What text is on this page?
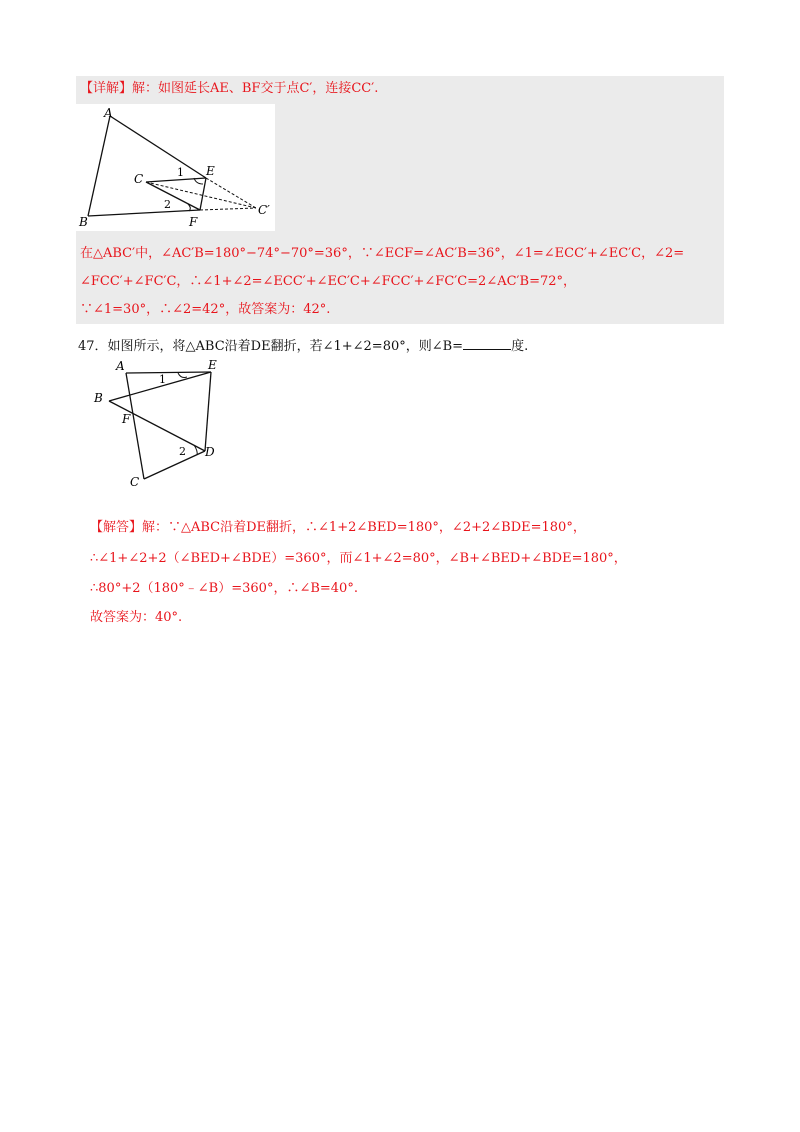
【详解】解：如图延长AE、BF交于点C′，连接CC′.
A
B
C
E
F
C′
1
2
在△ABC′中，∠AC′B=180°−74°−70°=36°，∵∠ECF=∠AC′B=36°，∠1=∠ECC′+∠EC′C，∠2=
∠FCC′+∠FC′C，∴∠1+∠2=∠ECC′+∠EC′C+∠FCC′+∠FC′C=2∠AC′B=72°，
∵∠1=30°，∴∠2=42°，故答案为：42°.
47．如图所示，将△ABC沿着DE翻折，若∠1+∠2=80°，则∠B=	度.
A	E
B
F
D
C
1
2
【解答】解：∵△ABC沿着DE翻折，∴∠1+2∠BED=180°，∠2+2∠BDE=180°，
∴∠1+∠2+2（∠BED+∠BDE）=360°，而∠1+∠2=80°，∠B+∠BED+∠BDE=180°，
∴80°+2（180°﹣∠B）=360°，∴∠B=40°.
故答案为：40°.
